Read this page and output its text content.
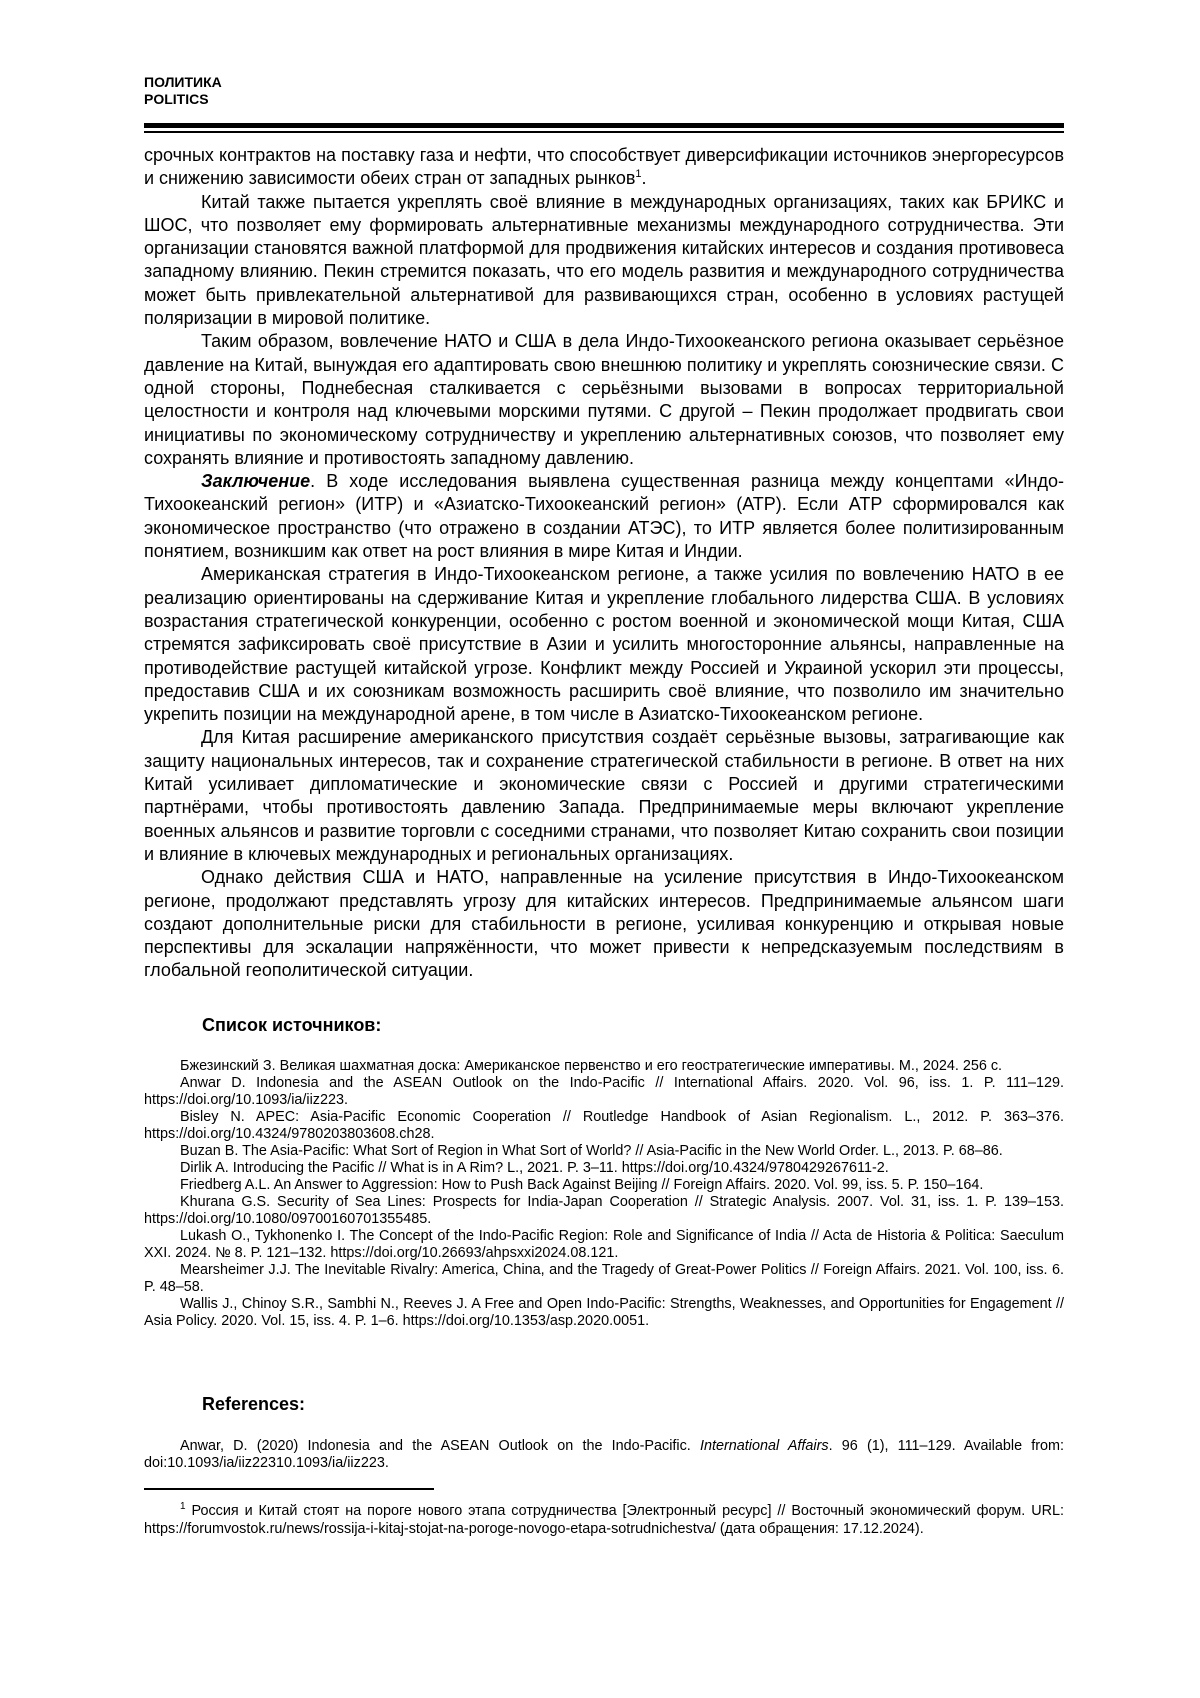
ПОЛИТИКА
POLITICS

срочных контрактов на поставку газа и нефти, что способствует диверсификации источников энергоресурсов и снижению зависимости обеих стран от западных рынков$^1$.

Китай также пытается укреплять своё влияние в международных организациях, таких как БРИКС и ШОС, что позволяет ему формировать альтернативные механизмы международного сотрудничества. Эти организации становятся важной платформой для продвижения китайских интересов и создания противовеса западному влиянию. Пекин стремится показать, что его модель развития и международного сотрудничества может быть привлекательной альтернативой для развивающихся стран, особенно в условиях растущей поляризации в мировой политике.

Таким образом, вовлечение НАТО и США в дела Индо-Тихоокеанского региона оказывает серьёзное давление на Китай, вынуждая его адаптировать свою внешнюю политику и укреплять союзнические связи. С одной стороны, Поднебесная сталкивается с серьёзными вызовами в вопросах территориальной целостности и контроля над ключевыми морскими путями. С другой – Пекин продолжает продвигать свои инициативы по экономическому сотрудничеству и укреплению альтернативных союзов, что позволяет ему сохранять влияние и противостоять западному давлению.

Заключение. В ходе исследования выявлена существенная разница между концептами «Индо-Тихоокеанский регион» (ИТР) и «Азиатско-Тихоокеанский регион» (АТР). Если АТР сформировался как экономическое пространство (что отражено в создании АТЭС), то ИТР является более политизированным понятием, возникшим как ответ на рост влияния в мире Китая и Индии.

Американская стратегия в Индо-Тихоокеанском регионе, а также усилия по вовлечению НАТО в ее реализацию ориентированы на сдерживание Китая и укрепление глобального лидерства США. В условиях возрастания стратегической конкуренции, особенно с ростом военной и экономической мощи Китая, США стремятся зафиксировать своё присутствие в Азии и усилить многосторонние альянсы, направленные на противодействие растущей китайской угрозе. Конфликт между Россией и Украиной ускорил эти процессы, предоставив США и их союзникам возможность расширить своё влияние, что позволило им значительно укрепить позиции на международной арене, в том числе в Азиатско-Тихоокеанском регионе.

Для Китая расширение американского присутствия создаёт серьёзные вызовы, затрагивающие как защиту национальных интересов, так и сохранение стратегической стабильности в регионе. В ответ на них Китай усиливает дипломатические и экономические связи с Россией и другими стратегическими партнёрами, чтобы противостоять давлению Запада. Предпринимаемые меры включают укрепление военных альянсов и развитие торговли с соседними странами, что позволяет Китаю сохранить свои позиции и влияние в ключевых международных и региональных организациях.

Однако действия США и НАТО, направленные на усиление присутствия в Индо-Тихоокеанском регионе, продолжают представлять угрозу для китайских интересов. Предпринимаемые альянсом шаги создают дополнительные риски для стабильности в регионе, усиливая конкуренцию и открывая новые перспективы для эскалации напряжённости, что может привести к непредсказуемым последствиям в глобальной геополитической ситуации.

Список источников:

Бжезинский З. Великая шахматная доска: Американское первенство и его геостратегические императивы. М., 2024. 256 с.

Anwar D. Indonesia and the ASEAN Outlook on the Indo-Pacific // International Affairs. 2020. Vol. 96, iss. 1. P. 111–129. https://doi.org/10.1093/ia/iiz223.

Bisley N. APEC: Asia-Pacific Economic Cooperation // Routledge Handbook of Asian Regionalism. L., 2012. P. 363–376. https://doi.org/10.4324/9780203803608.ch28.

Buzan B. The Asia-Pacific: What Sort of Region in What Sort of World? // Asia-Pacific in the New World Order. L., 2013. P. 68–86.

Dirlik A. Introducing the Pacific // What is in A Rim? L., 2021. P. 3–11. https://doi.org/10.4324/9780429267611-2.

Friedberg A.L. An Answer to Aggression: How to Push Back Against Beijing // Foreign Affairs. 2020. Vol. 99, iss. 5. P. 150–164.

Khurana G.S. Security of Sea Lines: Prospects for India-Japan Cooperation // Strategic Analysis. 2007. Vol. 31, iss. 1. P. 139–153. https://doi.org/10.1080/09700160701355485.

Lukash O., Tykhonenko I. The Concept of the Indo-Pacific Region: Role and Significance of India // Acta de Historia & Politica: Saeculum XXI. 2024. № 8. P. 121–132. https://doi.org/10.26693/ahpsxxi2024.08.121.

Mearsheimer J.J. The Inevitable Rivalry: America, China, and the Tragedy of Great-Power Politics // Foreign Affairs. 2021. Vol. 100, iss. 6. P. 48–58.

Wallis J., Chinoy S.R., Sambhi N., Reeves J. A Free and Open Indo-Pacific: Strengths, Weaknesses, and Opportunities for Engagement // Asia Policy. 2020. Vol. 15, iss. 4. P. 1–6. https://doi.org/10.1353/asp.2020.0051.

References:

Anwar, D. (2020) Indonesia and the ASEAN Outlook on the Indo-Pacific. International Affairs. 96 (1), 111–129. Available from: doi:10.1093/ia/iiz22310.1093/ia/iiz223.

$^1$ Россия и Китай стоят на пороге нового этапа сотрудничества [Электронный ресурс] // Восточный экономический форум. URL: https://forumvostok.ru/news/rossija-i-kitaj-stojat-na-poroge-novogo-etapa-sotrudnichestva/ (дата обращения: 17.12.2024).
